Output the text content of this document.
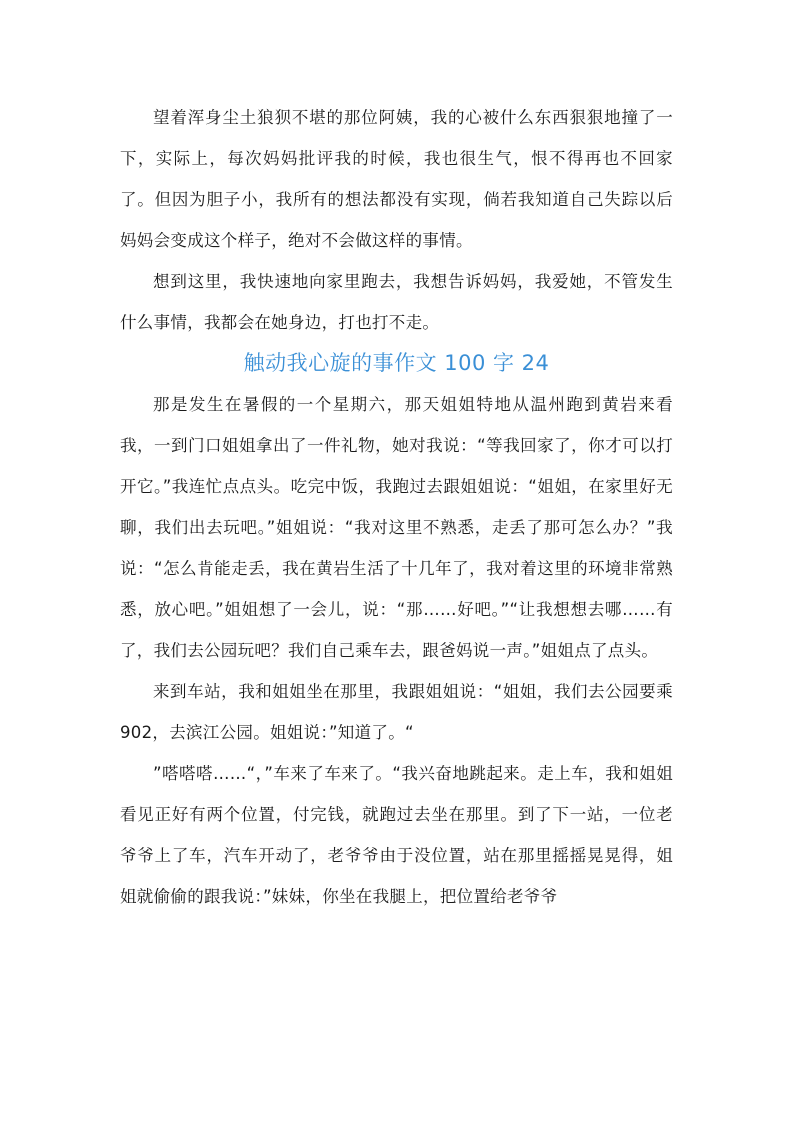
望着浑身尘土狼狈不堪的那位阿姨，我的心被什么东西狠狠地撞了一下，实际上，每次妈妈批评我的时候，我也很生气，恨不得再也不回家了。但因为胆子小，我所有的想法都没有实现，倘若我知道自己失踪以后妈妈会变成这个样子，绝对不会做这样的事情。

想到这里，我快速地向家里跑去，我想告诉妈妈，我爱她，不管发生什么事情，我都会在她身边，打也打不走。

触动我心旋的事作文 100 字 24

那是发生在暑假的一个星期六，那天姐姐特地从温州跑到黄岩来看我，一到门口姐姐拿出了一件礼物，她对我说：“等我回家了，你才可以打开它。”我连忙点点头。吃完中饭，我跑过去跟姐姐说：“姐姐，在家里好无聊，我们出去玩吧。”姐姐说：“我对这里不熟悉，走丢了那可怎么办？”我说：“怎么肯能走丢，我在黄岩生活了十几年了，我对着这里的环境非常熟悉，放心吧。”姐姐想了一会儿，说：“那……好吧。”“让我想想去哪……有了，我们去公园玩吧？我们自己乘车去，跟爸妈说一声。”姐姐点了点头。

来到车站，我和姐姐坐在那里，我跟姐姐说：“姐姐，我们去公园要乘 902，去滨江公园。姐姐说：”知道了。“

”嗒嗒嗒……“，”车来了车来了。“我兴奋地跳起来。走上车，我和姐姐看见正好有两个位置，付完钱，就跑过去坐在那里。到了下一站，一位老爷爷上了车，汽车开动了，老爷爷由于没位置，站在那里摇摇晃晃得，姐姐就偷偷的跟我说：”妹妹，你坐在我腿上，把位置给老爷爷
